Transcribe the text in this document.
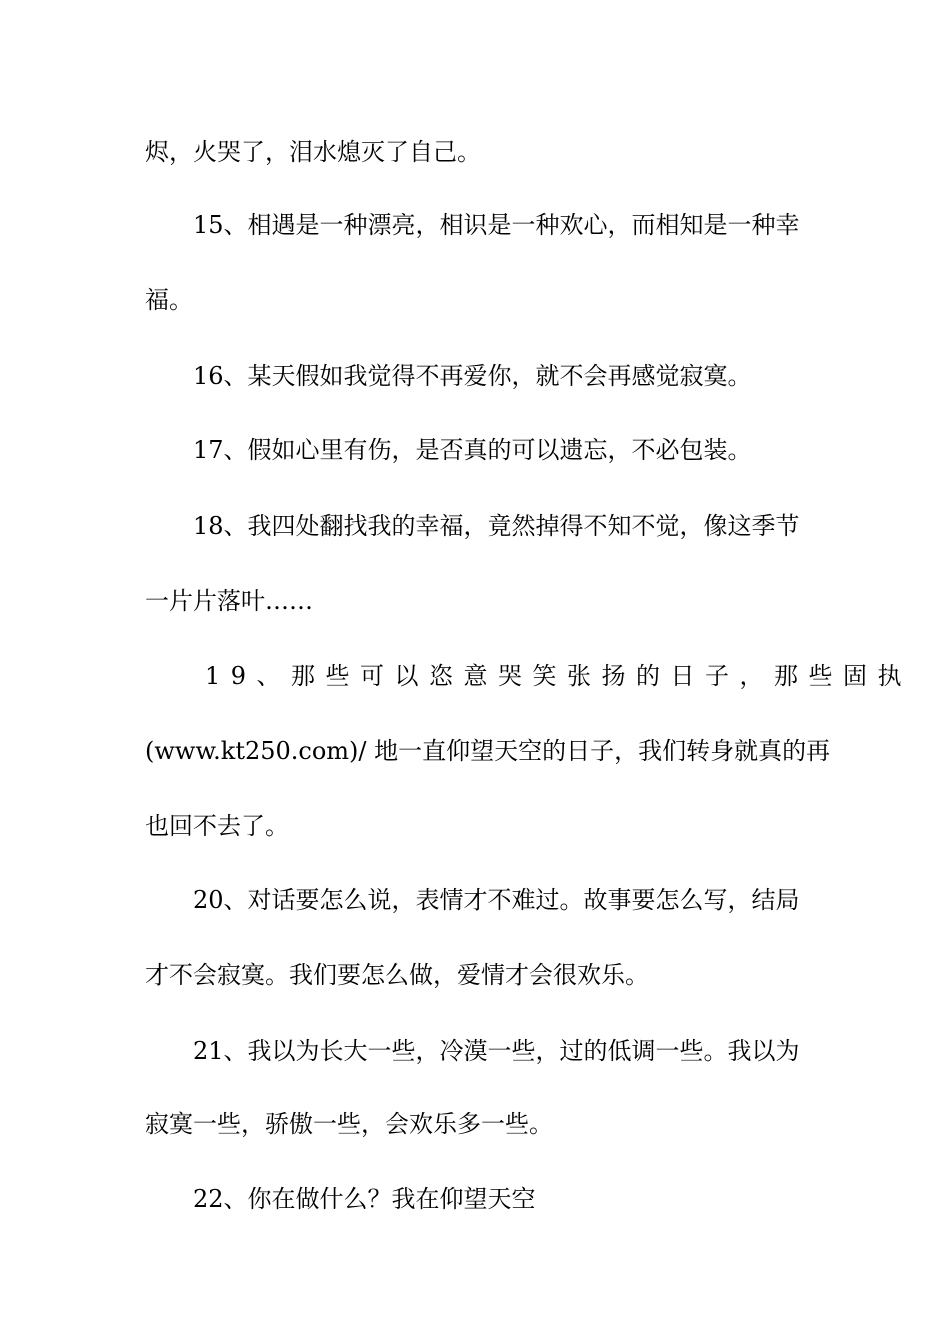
烬，火哭了，泪水熄灭了自己。
15、相遇是一种漂亮，相识是一种欢心，而相知是一种幸
福。
16、某天假如我觉得不再爱你，就不会再感觉寂寞。
17、假如心里有伤，是否真的可以遗忘，不必包装。
18、我四处翻找我的幸福，竟然掉得不知不觉，像这季节
一片片落叶……
19、那些可以恣意哭笑张扬的日子，那些固执
(www.kt250.com)/ 地一直仰望天空的日子，我们转身就真的再
也回不去了。
20、对话要怎么说，表情才不难过。故事要怎么写，结局
才不会寂寞。我们要怎么做，爱情才会很欢乐。
21、我以为长大一些，冷漠一些，过的低调一些。我以为
寂寞一些，骄傲一些，会欢乐多一些。
22、你在做什么？我在仰望天空
